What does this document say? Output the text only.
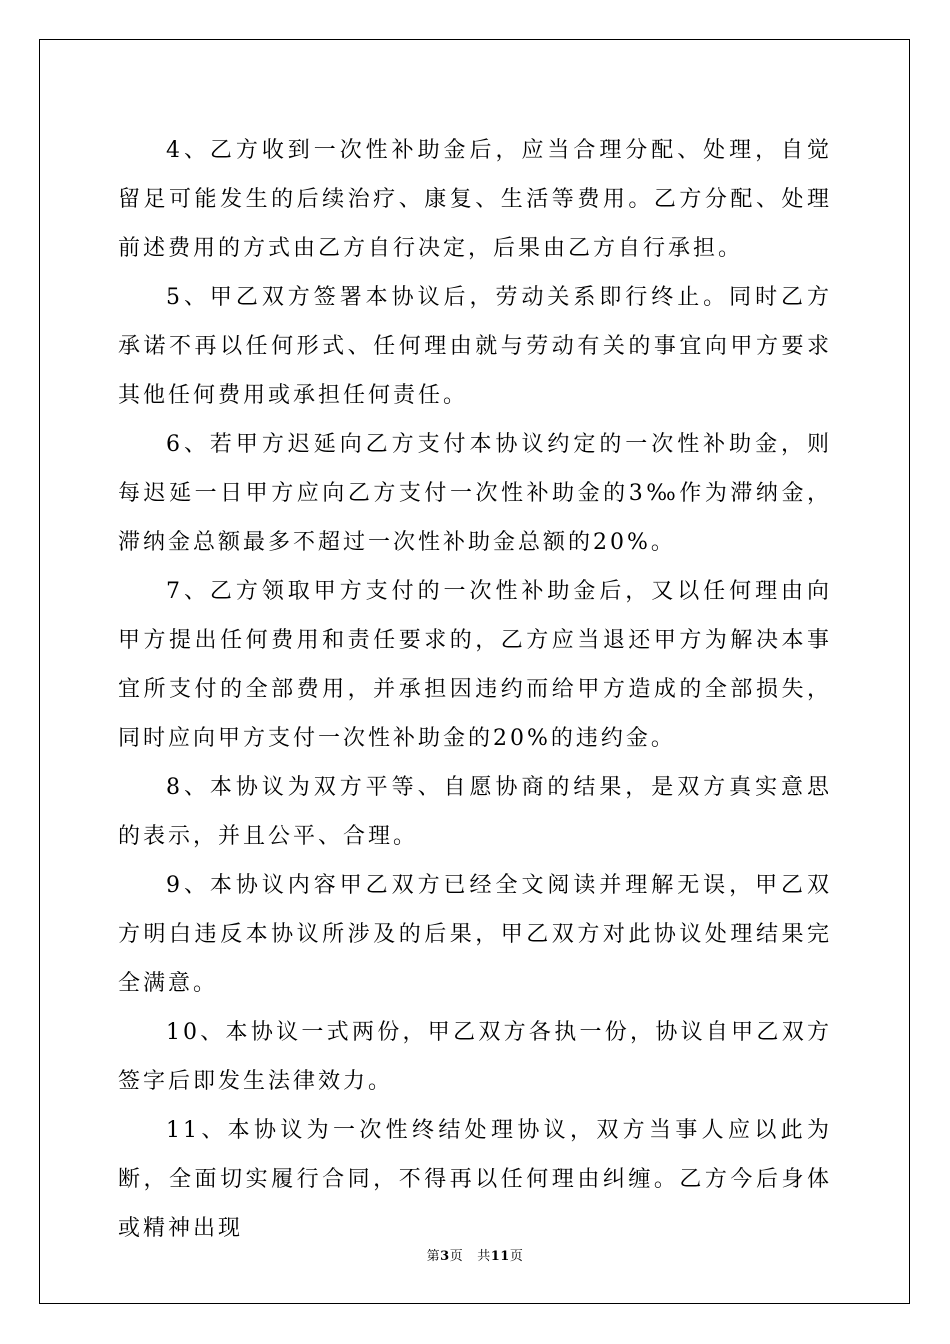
4、乙方收到一次性补助金后，应当合理分配、处理，自觉留足可能发生的后续治疗、康复、生活等费用。乙方分配、处理前述费用的方式由乙方自行决定，后果由乙方自行承担。

5、甲乙双方签署本协议后，劳动关系即行终止。同时乙方承诺不再以任何形式、任何理由就与劳动有关的事宜向甲方要求其他任何费用或承担任何责任。

6、若甲方迟延向乙方支付本协议约定的一次性补助金，则每迟延一日甲方应向乙方支付一次性补助金的3‰作为滞纳金，滞纳金总额最多不超过一次性补助金总额的20%。

7、乙方领取甲方支付的一次性补助金后，又以任何理由向甲方提出任何费用和责任要求的，乙方应当退还甲方为解决本事宜所支付的全部费用，并承担因违约而给甲方造成的全部损失，同时应向甲方支付一次性补助金的20%的违约金。

8、本协议为双方平等、自愿协商的结果，是双方真实意思的表示，并且公平、合理。

9、本协议内容甲乙双方已经全文阅读并理解无误，甲乙双方明白违反本协议所涉及的后果，甲乙双方对此协议处理结果完全满意。

10、本协议一式两份，甲乙双方各执一份，协议自甲乙双方签字后即发生法律效力。

11、本协议为一次性终结处理协议，双方当事人应以此为断，全面切实履行合同，不得再以任何理由纠缠。乙方今后身体或精神出现

第3页 共11页
